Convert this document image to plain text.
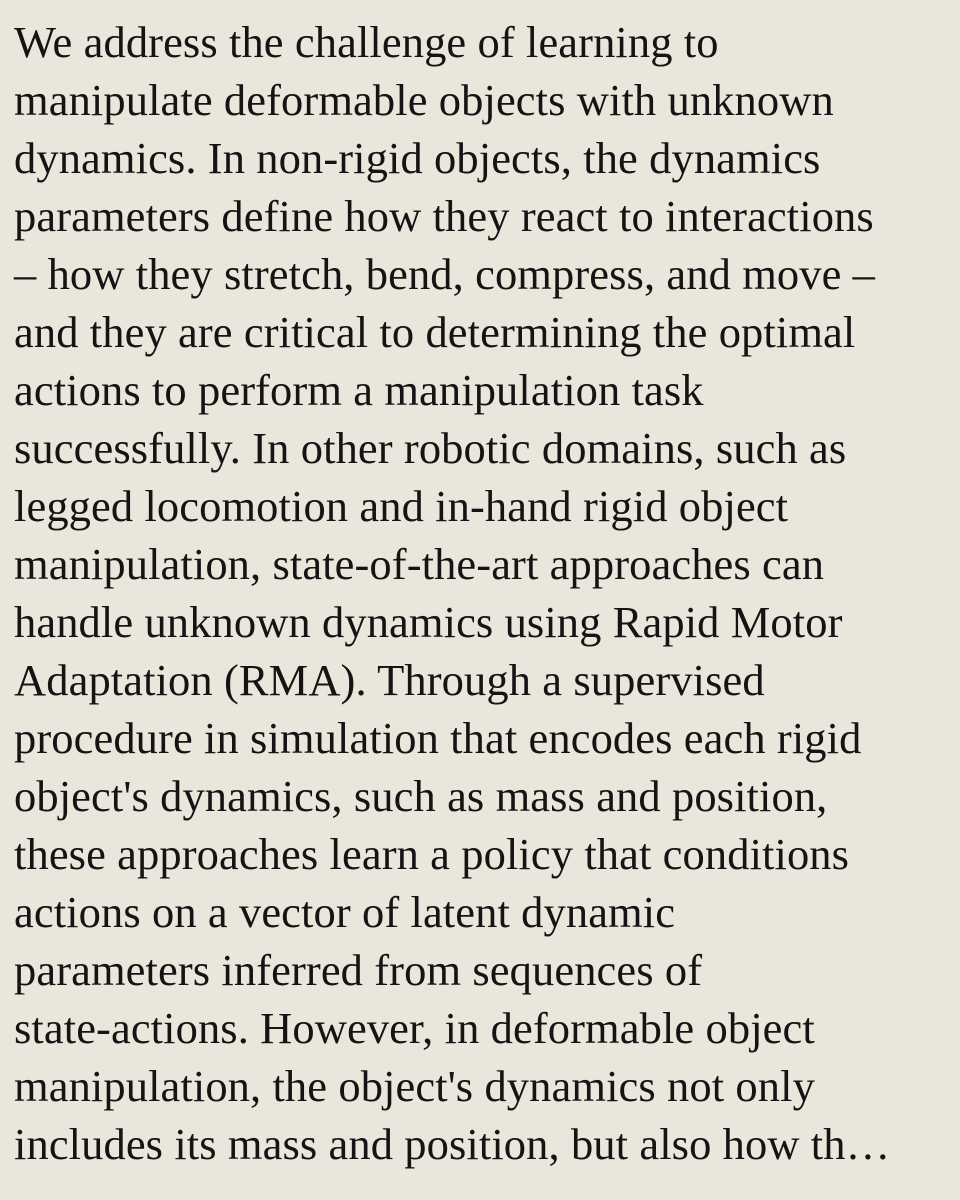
We address the challenge of learning to
manipulate deformable objects with unknown
dynamics. In non-rigid objects, the dynamics
parameters define how they react to interactions
– how they stretch, bend, compress, and move –
and they are critical to determining the optimal
actions to perform a manipulation task
successfully. In other robotic domains, such as
legged locomotion and in-hand rigid object
manipulation, state-of-the-art approaches can
handle unknown dynamics using Rapid Motor
Adaptation (RMA). Through a supervised
procedure in simulation that encodes each rigid
object's dynamics, such as mass and position,
these approaches learn a policy that conditions
actions on a vector of latent dynamic
parameters inferred from sequences of
state-actions. However, in deformable object
manipulation, the object's dynamics not only
includes its mass and position, but also how th…
